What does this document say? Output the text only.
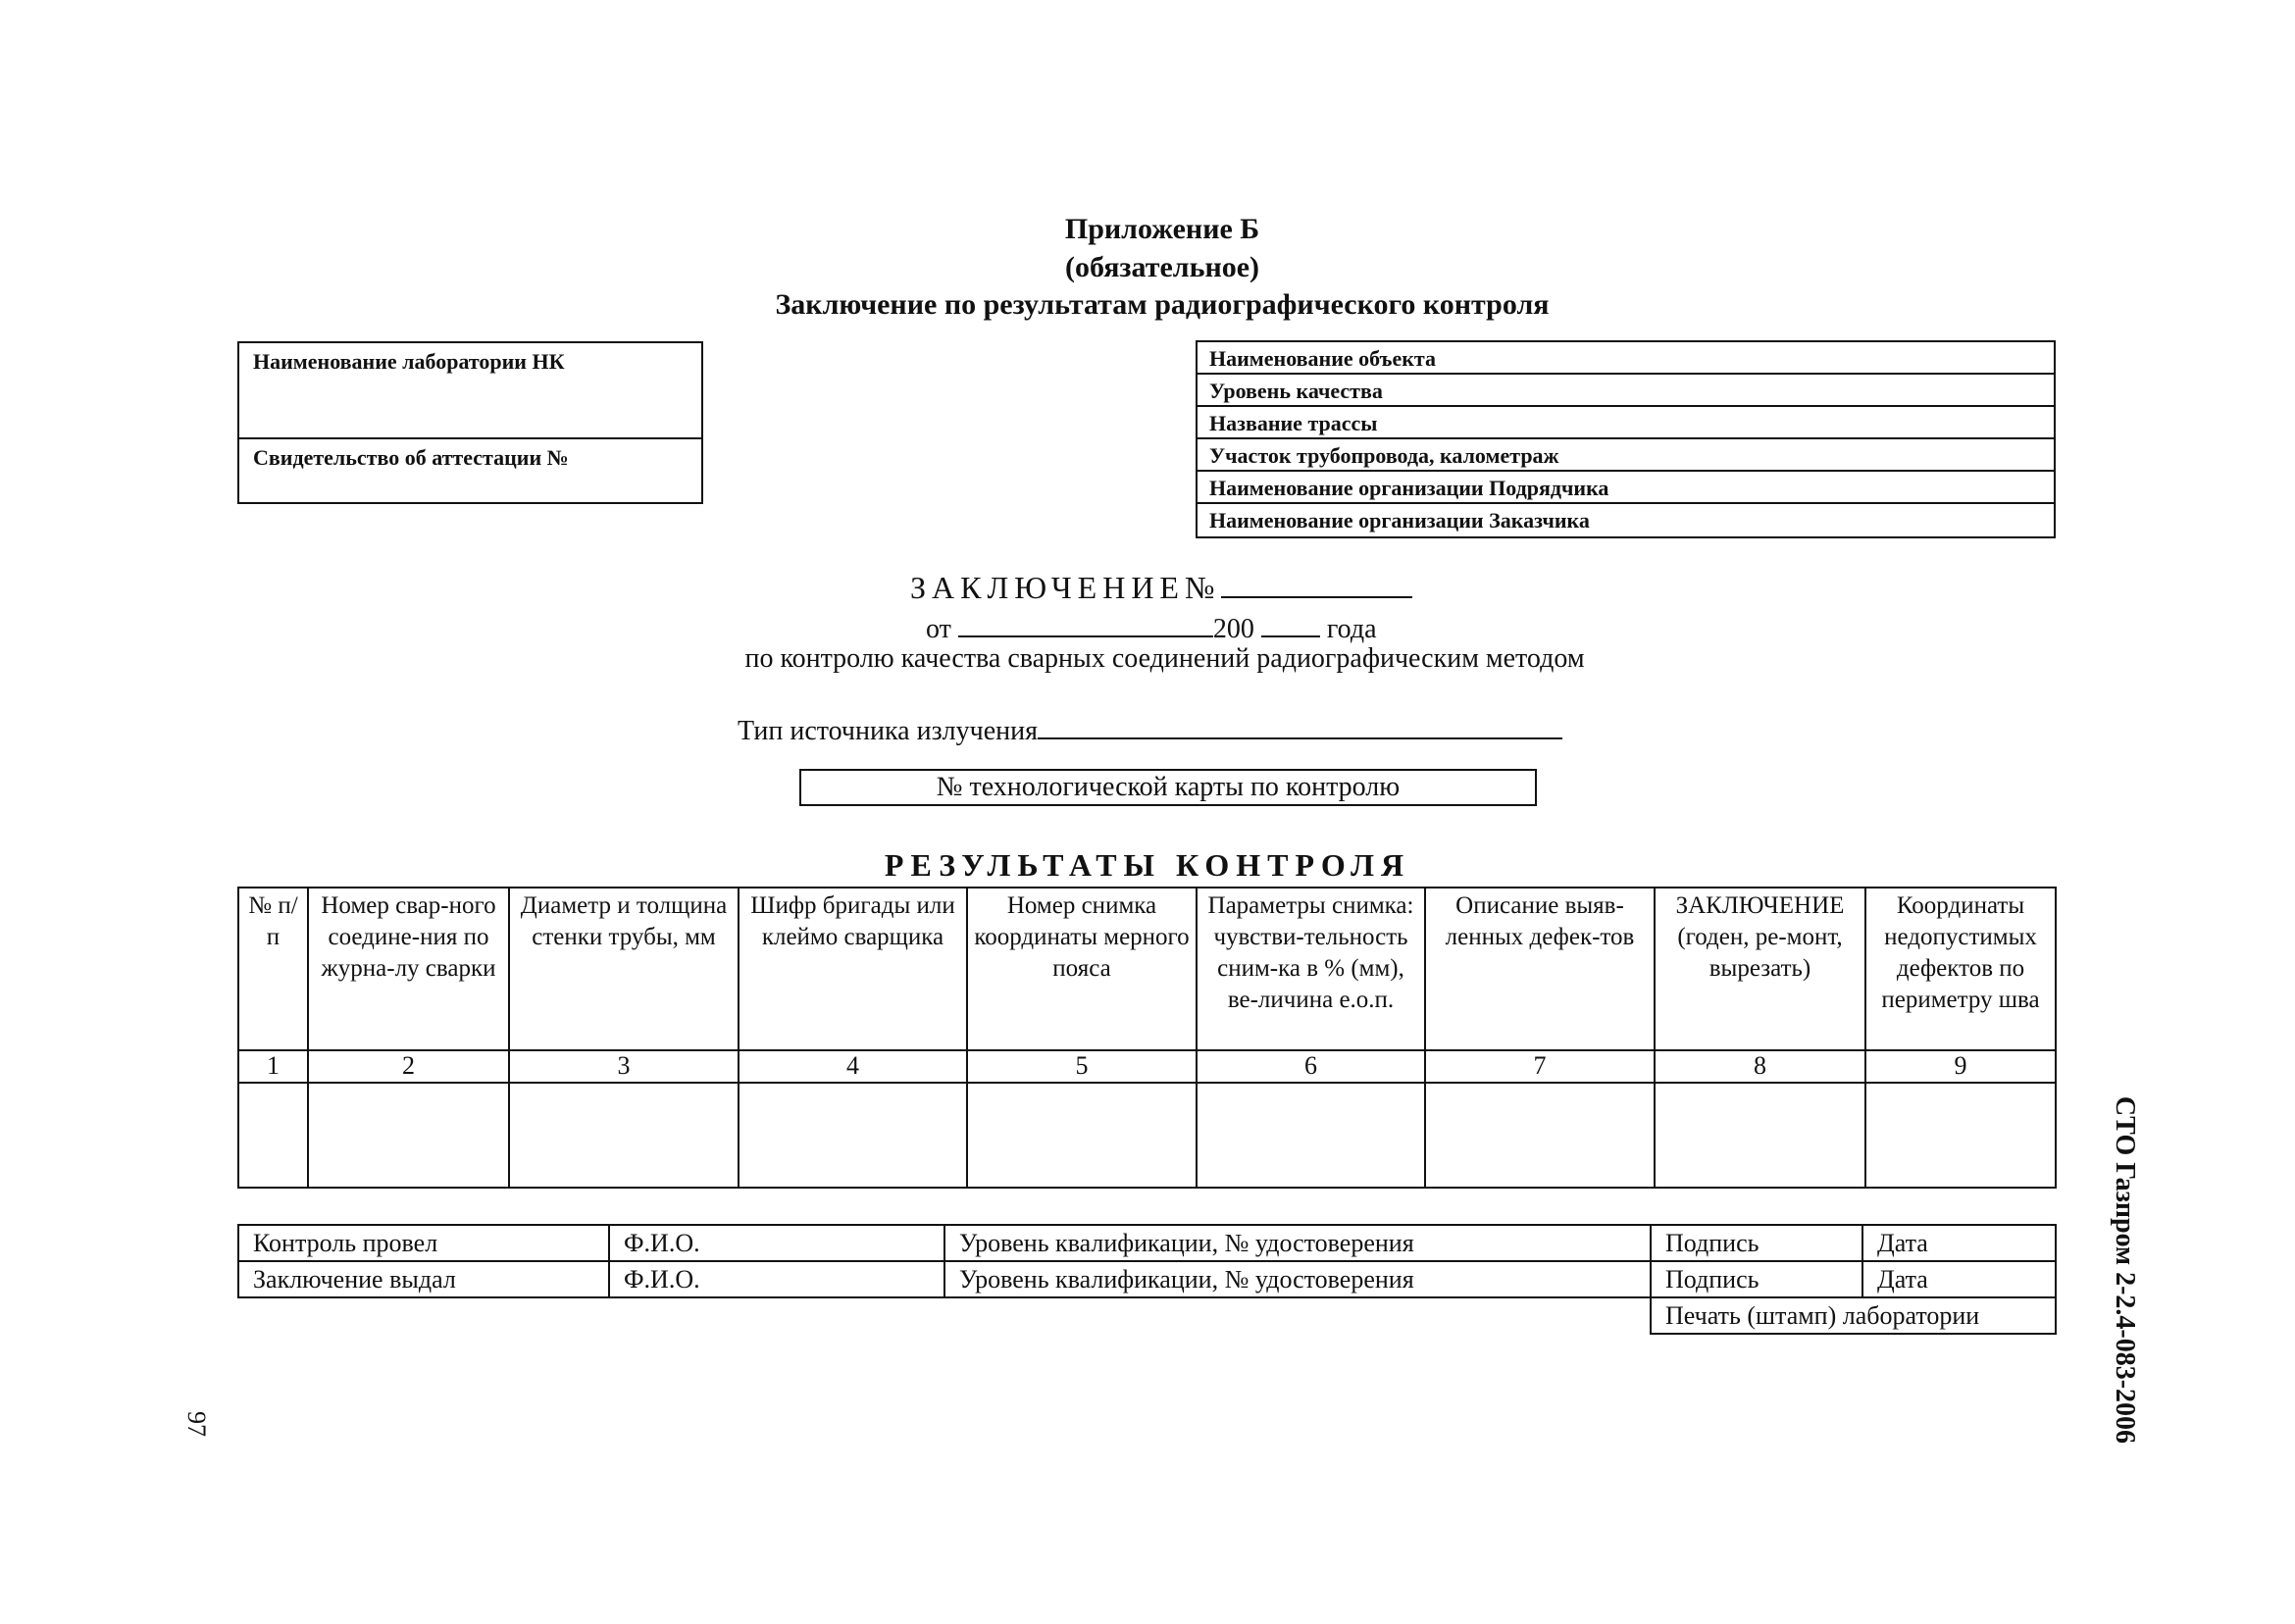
Приложение Б
(обязательное)
Заключение по результатам радиографического контроля
Наименование лаборатории НК
Свидетельство об аттестации №
Наименование объекта
Уровень качества
Название трассы
Участок трубопровода, калометраж
Наименование организации Подрядчика
Наименование организации Заказчика
ЗАКЛЮЧЕНИЕ№
от	200	года
по контролю качества сварных соединений радиографическим методом
Тип источника излучения
№ технологической карты по контролю
РЕЗУЛЬТАТЫ КОНТРОЛЯ
№ п/п	Номер свар-ного соедине-ния по журна-лу сварки	Диаметр и толщина стенки трубы, мм	Шифр бригады или клеймо сварщика	Номер снимка координаты мерного пояса	Параметры снимка: чувстви-тельность сним-ка в % (мм), ве-личина е.о.п.	Описание выяв-ленных дефек-тов	ЗАКЛЮЧЕНИЕ (годен, ре-монт, вырезать)	Координаты недопустимых дефектов по периметру шва
1	2	3	4	5	6	7	8	9

Контроль провел	Ф.И.О.	Уровень квалификации, № удостоверения	Подпись	Дата
Заключение выдал	Ф.И.О.	Уровень квалификации, № удостоверения	Подпись	Дата
			Печать (штамп) лаборатории		СТО Газпром 2-2.4-083-2006
97
